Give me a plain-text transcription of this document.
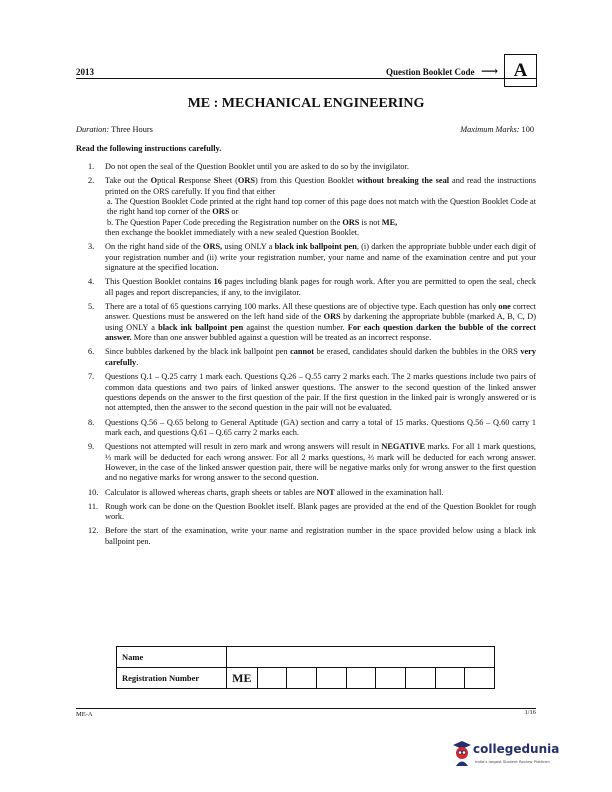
2013	Question Booklet Code ⟶ A
ME : MECHANICAL ENGINEERING
Duration: Three Hours	Maximum Marks: 100
Read the following instructions carefully.
1. Do not open the seal of the Question Booklet until you are asked to do so by the invigilator.
2. Take out the Optical Response Sheet (ORS) from this Question Booklet without breaking the seal and read the instructions printed on the ORS carefully. If you find that either
a. The Question Booklet Code printed at the right hand top corner of this page does not match with the Question Booklet Code at the right hand top corner of the ORS or
b. The Question Paper Code preceding the Registration number on the ORS is not ME,
then exchange the booklet immediately with a new sealed Question Booklet.
3. On the right hand side of the ORS, using ONLY a black ink ballpoint pen, (i) darken the appropriate bubble under each digit of your registration number and (ii) write your registration number, your name and name of the examination centre and put your signature at the specified location.
4. This Question Booklet contains 16 pages including blank pages for rough work. After you are permitted to open the seal, check all pages and report discrepancies, if any, to the invigilator.
5. There are a total of 65 questions carrying 100 marks. All these questions are of objective type. Each question has only one correct answer. Questions must be answered on the left hand side of the ORS by darkening the appropriate bubble (marked A, B, C, D) using ONLY a black ink ballpoint pen against the question number. For each question darken the bubble of the correct answer. More than one answer bubbled against a question will be treated as an incorrect response.
6. Since bubbles darkened by the black ink ballpoint pen cannot be erased, candidates should darken the bubbles in the ORS very carefully.
7. Questions Q.1 – Q.25 carry 1 mark each. Questions Q.26 – Q.55 carry 2 marks each. The 2 marks questions include two pairs of common data questions and two pairs of linked answer questions. The answer to the second question of the linked answer questions depends on the answer to the first question of the pair. If the first question in the linked pair is wrongly answered or is not attempted, then the answer to the second question in the pair will not be evaluated.
8. Questions Q.56 – Q.65 belong to General Aptitude (GA) section and carry a total of 15 marks. Questions Q.56 – Q.60 carry 1 mark each, and questions Q.61 – Q.65 carry 2 marks each.
9. Questions not attempted will result in zero mark and wrong answers will result in NEGATIVE marks. For all 1 mark questions, ⅓ mark will be deducted for each wrong answer. For all 2 marks questions, ⅔ mark will be deducted for each wrong answer. However, in the case of the linked answer question pair, there will be negative marks only for wrong answer to the first question and no negative marks for wrong answer to the second question.
10. Calculator is allowed whereas charts, graph sheets or tables are NOT allowed in the examination hall.
11. Rough work can be done on the Question Booklet itself. Blank pages are provided at the end of the Question Booklet for rough work.
12. Before the start of the examination, write your name and registration number in the space provided below using a black ink ballpoint pen.
Name									
Registration Number	ME								
ME-A	1/16
collegedunia
India's largest Student Review Platform
